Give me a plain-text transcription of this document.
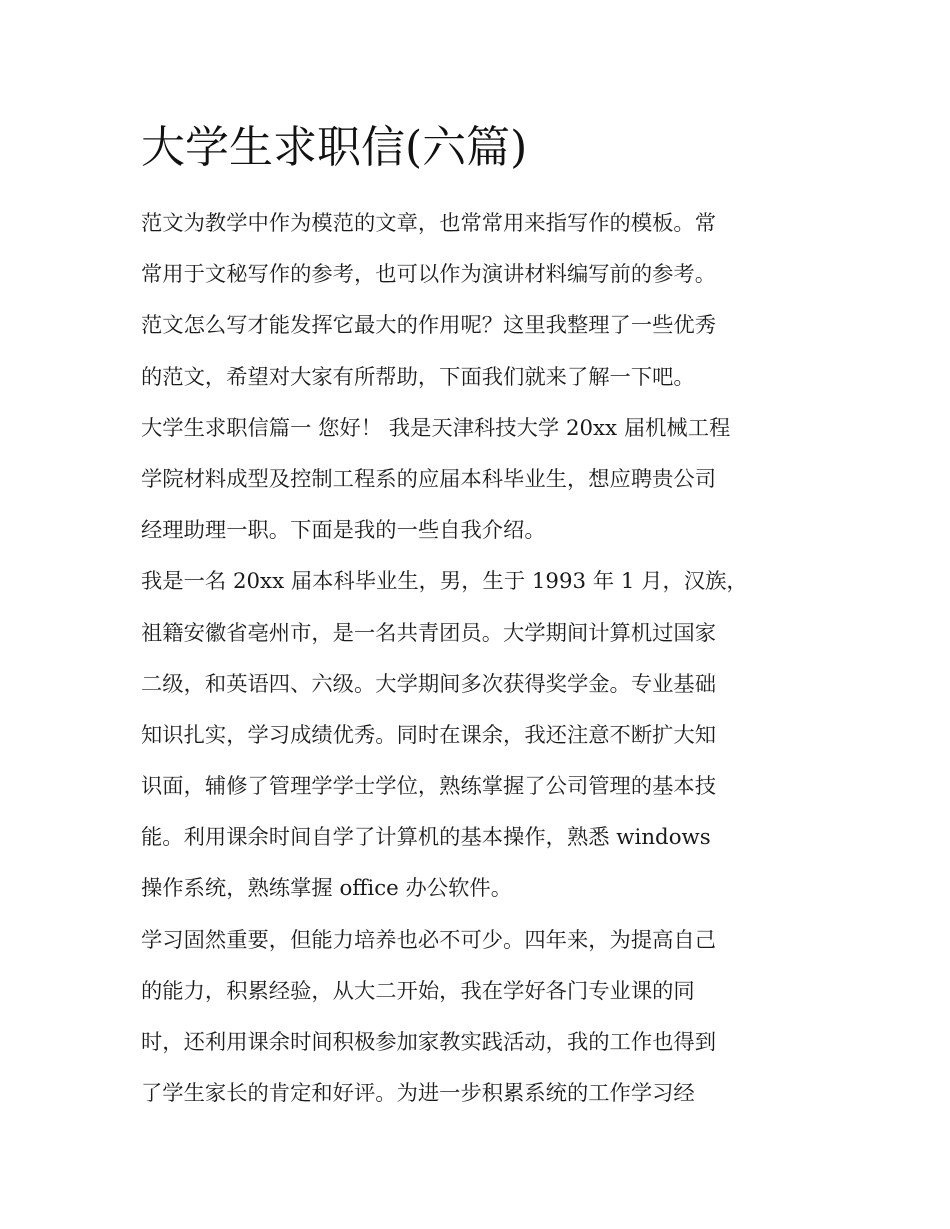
大学生求职信(六篇)
范文为教学中作为模范的文章，也常常用来指写作的模板。常
常用于文秘写作的参考，也可以作为演讲材料编写前的参考。
范文怎么写才能发挥它最大的作用呢？这里我整理了一些优秀
的范文，希望对大家有所帮助，下面我们就来了解一下吧。
大学生求职信篇一 您好！ 我是天津科技大学 20xx 届机械工程
学院材料成型及控制工程系的应届本科毕业生，想应聘贵公司
经理助理一职。下面是我的一些自我介绍。
我是一名 20xx 届本科毕业生，男，生于 1993 年 1 月，汉族，
祖籍安徽省亳州市，是一名共青团员。大学期间计算机过国家
二级，和英语四、六级。大学期间多次获得奖学金。专业基础
知识扎实，学习成绩优秀。同时在课余，我还注意不断扩大知
识面，辅修了管理学学士学位，熟练掌握了公司管理的基本技
能。利用课余时间自学了计算机的基本操作，熟悉 windows
操作系统，熟练掌握 office 办公软件。
学习固然重要，但能力培养也必不可少。四年来，为提高自己
的能力，积累经验，从大二开始，我在学好各门专业课的同
时，还利用课余时间积极参加家教实践活动，我的工作也得到
了学生家长的肯定和好评。为进一步积累系统的工作学习经
